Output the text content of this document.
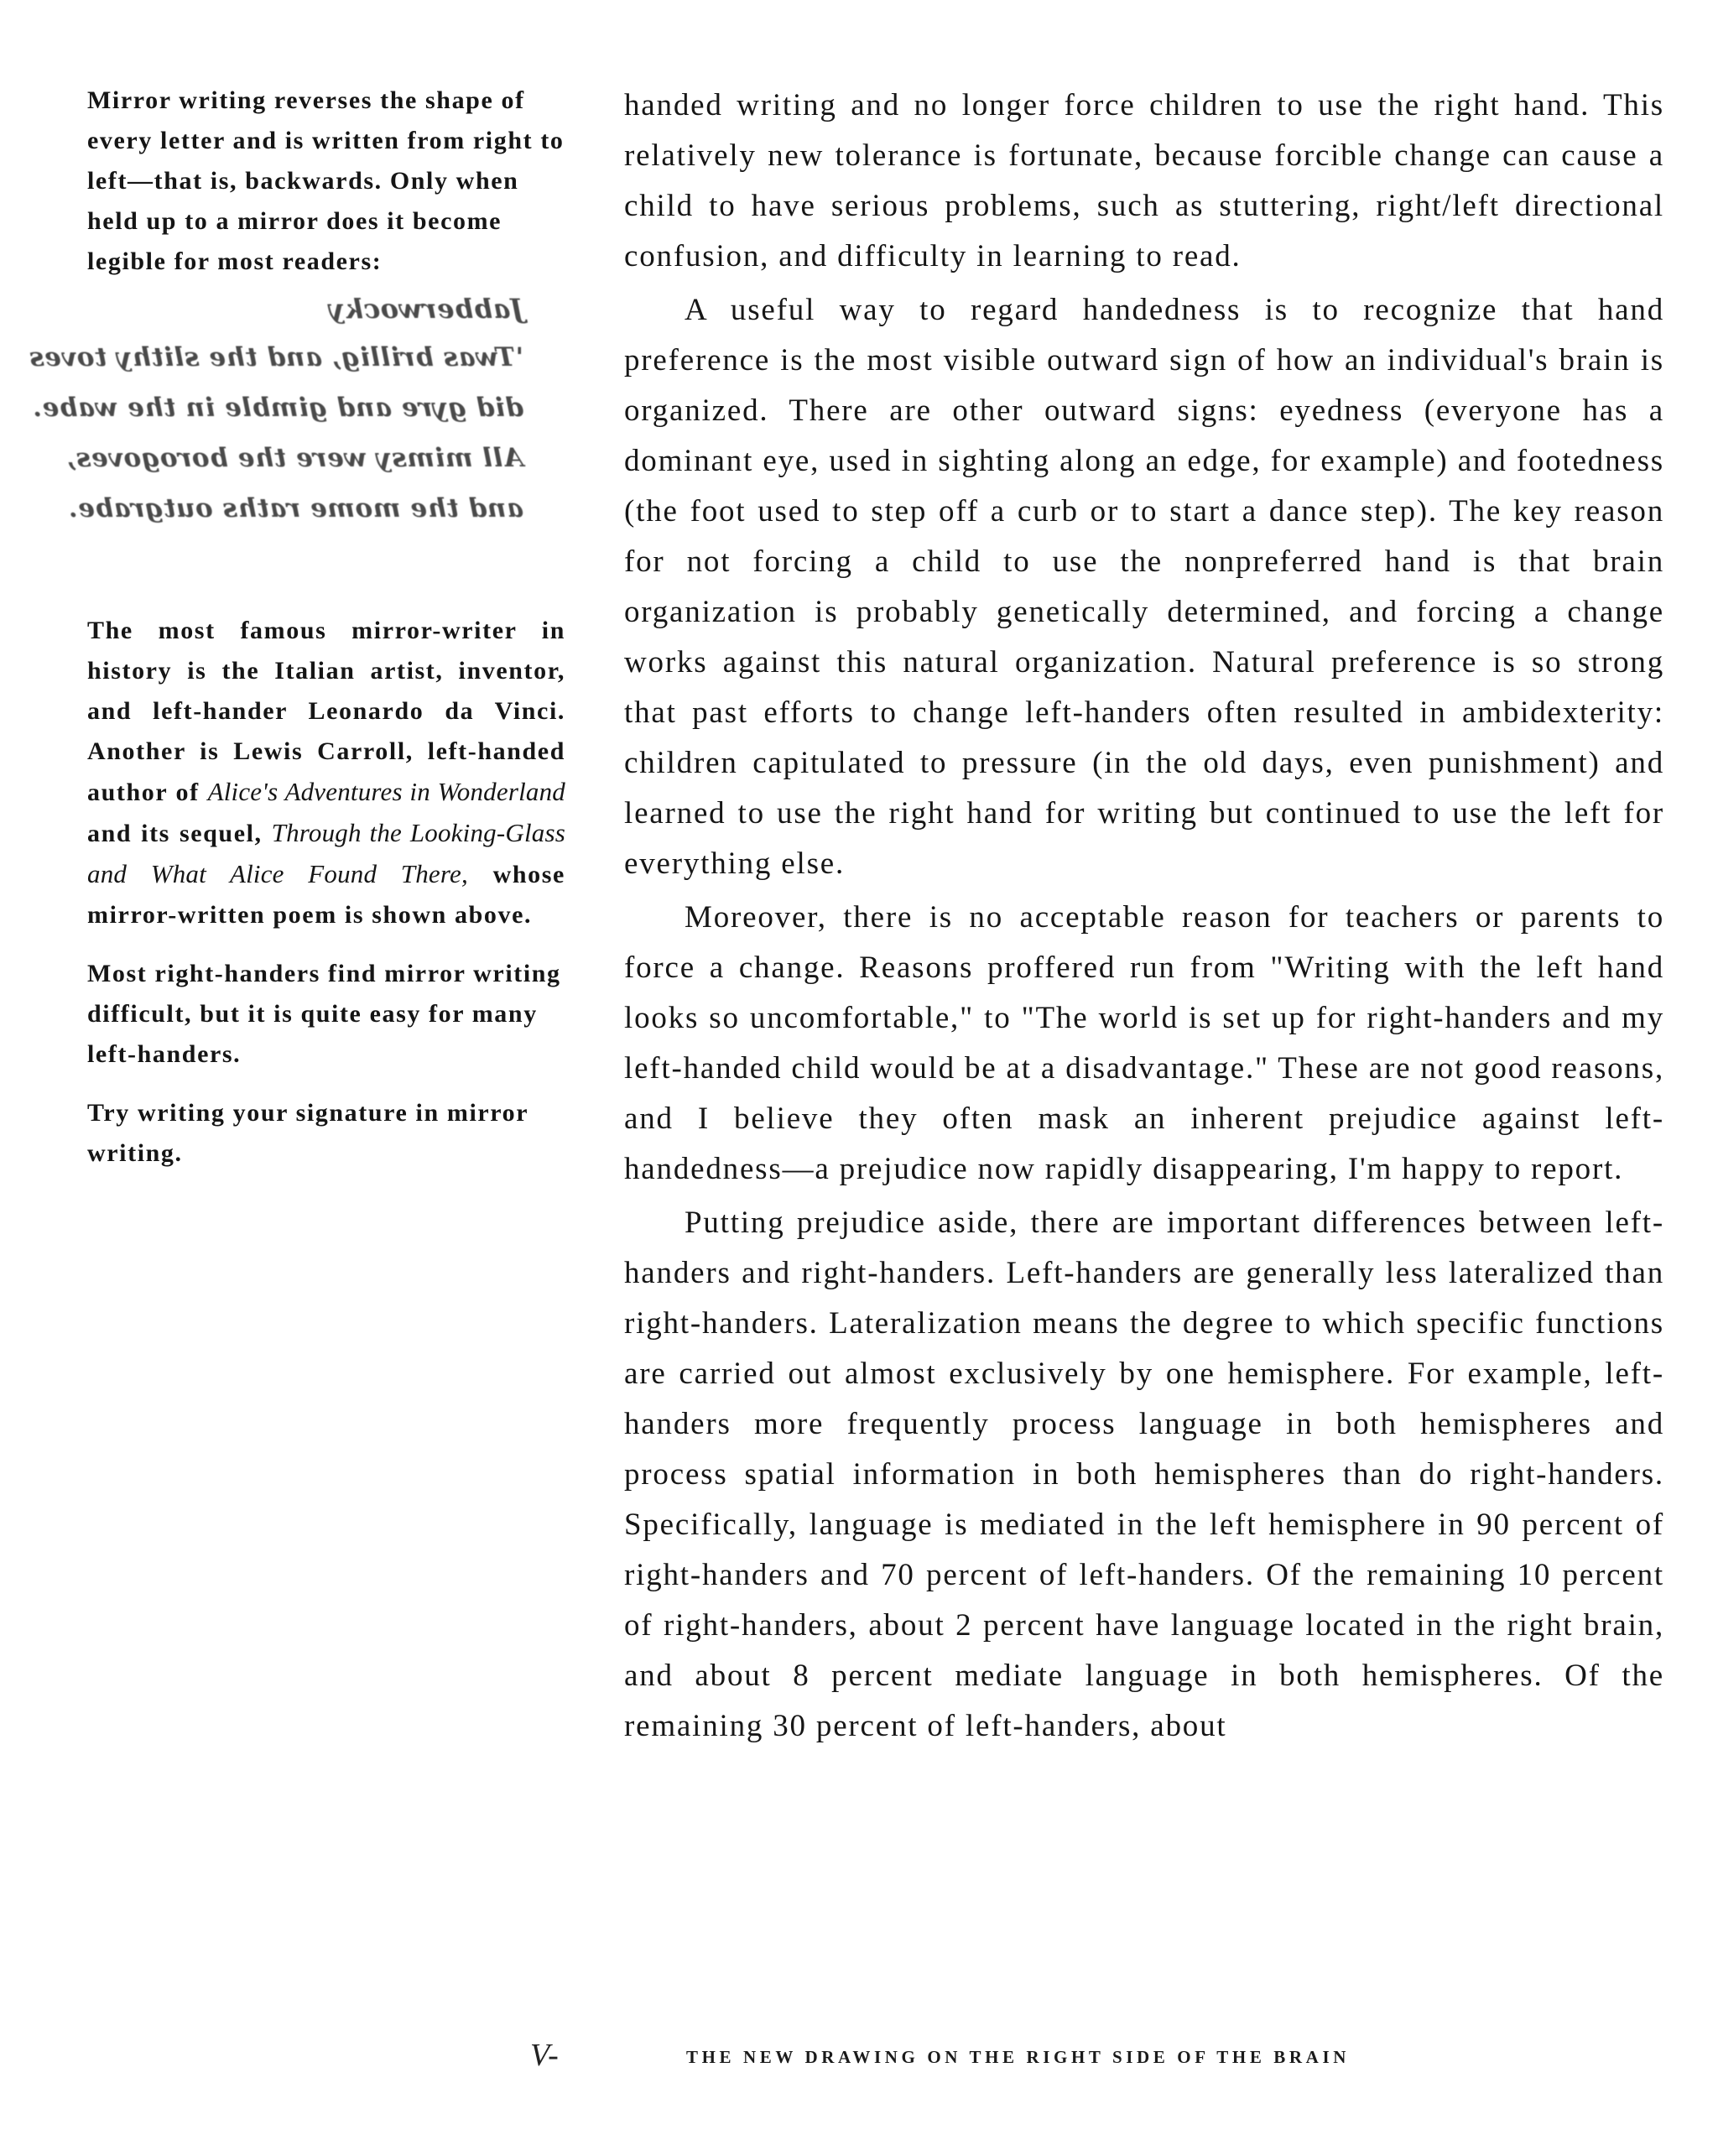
Mirror writing reverses the shape of every letter and is written from right to left—that is, backwards. Only when held up to a mirror does it become legible for most readers:

Jabberwocky
'Twas brillig, and the slithy toves
did gyre and gimble in the wabe.
All mimsy were the borogoves,
and the mome raths outgrabe.

The most famous mirror-writer in history is the Italian artist, inventor, and left-hander Leonardo da Vinci. Another is Lewis Carroll, left-handed author of Alice's Adventures in Wonderland and its sequel, Through the Looking-Glass and What Alice Found There, whose mirror-written poem is shown above.

Most right-handers find mirror writing difficult, but it is quite easy for many left-handers.

Try writing your signature in mirror writing.

handed writing and no longer force children to use the right hand. This relatively new tolerance is fortunate, because forcible change can cause a child to have serious problems, such as stuttering, right/left directional confusion, and difficulty in learning to read.

A useful way to regard handedness is to recognize that hand preference is the most visible outward sign of how an individual's brain is organized. There are other outward signs: eyedness (everyone has a dominant eye, used in sighting along an edge, for example) and footedness (the foot used to step off a curb or to start a dance step). The key reason for not forcing a child to use the nonpreferred hand is that brain organization is probably genetically determined, and forcing a change works against this natural organization. Natural preference is so strong that past efforts to change left-handers often resulted in ambidexterity: children capitulated to pressure (in the old days, even punishment) and learned to use the right hand for writing but continued to use the left for everything else.

Moreover, there is no acceptable reason for teachers or parents to force a change. Reasons proffered run from "Writing with the left hand looks so uncomfortable," to "The world is set up for right-handers and my left-handed child would be at a disadvantage." These are not good reasons, and I believe they often mask an inherent prejudice against left-handedness—a prejudice now rapidly disappearing, I'm happy to report.

Putting prejudice aside, there are important differences between left-handers and right-handers. Left-handers are generally less lateralized than right-handers. Lateralization means the degree to which specific functions are carried out almost exclusively by one hemisphere. For example, left-handers more frequently process language in both hemispheres and process spatial information in both hemispheres than do right-handers. Specifically, language is mediated in the left hemisphere in 90 percent of right-handers and 70 percent of left-handers. Of the remaining 10 percent of right-handers, about 2 percent have language located in the right brain, and about 8 percent mediate language in both hemispheres. Of the remaining 30 percent of left-handers, about

V-	THE NEW DRAWING ON THE RIGHT SIDE OF THE BRAIN
